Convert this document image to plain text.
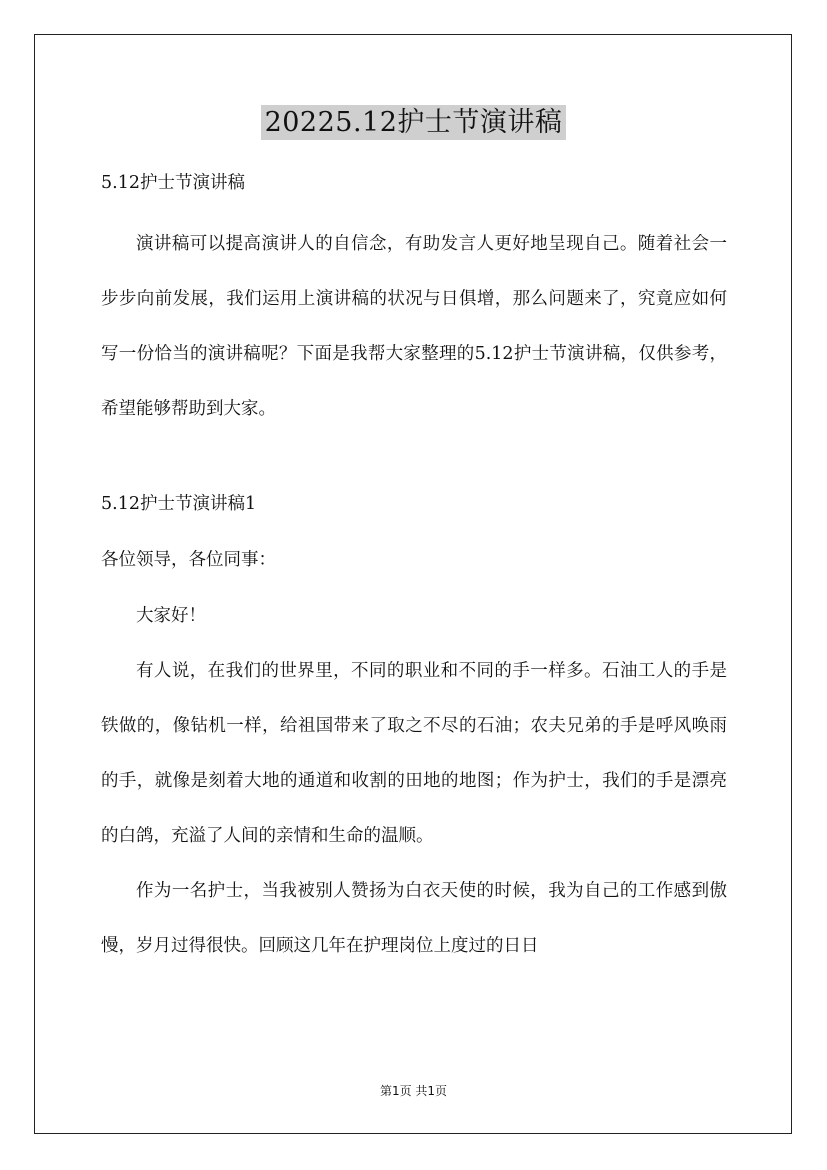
20225.12护士节演讲稿
5.12护士节演讲稿

演讲稿可以提高演讲人的自信念，有助发言人更好地呈现自己。随着社会一步步向前发展，我们运用上演讲稿的状况与日俱增，那么问题来了，究竟应如何写一份恰当的演讲稿呢？下面是我帮大家整理的5.12护士节演讲稿，仅供参考，希望能够帮助到大家。

5.12护士节演讲稿1
各位领导，各位同事：

大家好！

有人说，在我们的世界里，不同的职业和不同的手一样多。石油工人的手是铁做的，像钻机一样，给祖国带来了取之不尽的石油；农夫兄弟的手是呼风唤雨的手，就像是刻着大地的通道和收割的田地的地图；作为护士，我们的手是漂亮的白鸽，充溢了人间的亲情和生命的温顺。

作为一名护士，当我被别人赞扬为白衣天使的时候，我为自己的工作感到傲慢，岁月过得很快。回顾这几年在护理岗位上度过的日日

第1页 共1页
